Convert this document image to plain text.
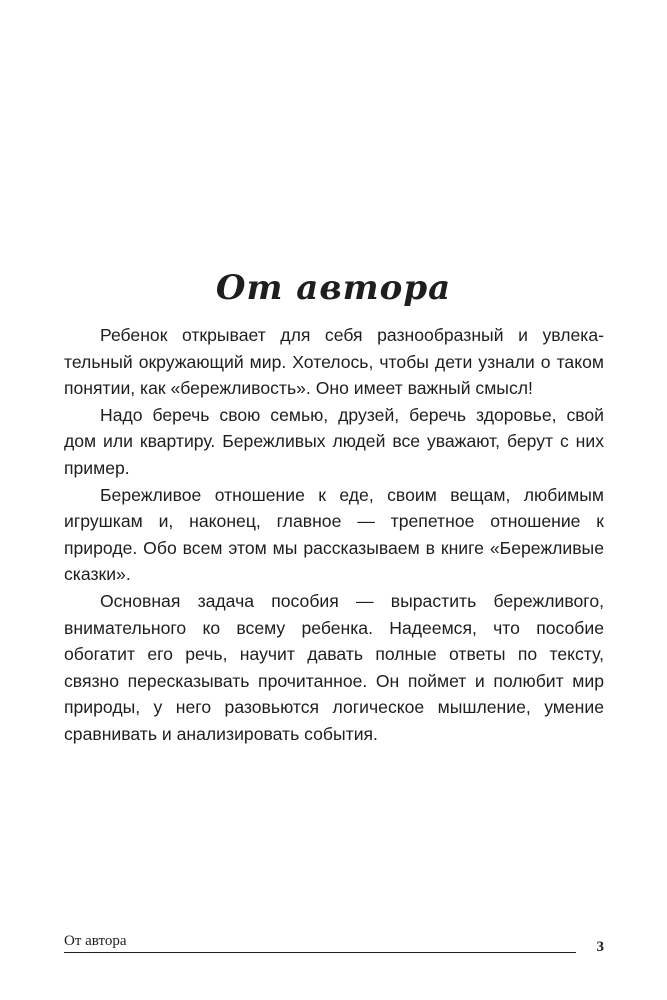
От автора

Ребенок открывает для себя разнообразный и увлекательный окружающий мир. Хотелось, чтобы дети узнали о таком понятии, как «бережливость». Оно имеет важный смысл!

Надо беречь свою семью, друзей, беречь здоровье, свой дом или квартиру. Бережливых людей все уважают, берут с них пример.

Бережливое отношение к еде, своим вещам, любимым игрушкам и, наконец, главное — трепетное отношение к природе. Обо всем этом мы рассказываем в книге «Бережливые сказки».

Основная задача пособия — вырастить бережливого, внимательного ко всему ребенка. Надеемся, что пособие обогатит его речь, научит давать полные ответы по тексту, связно пересказывать прочитанное. Он поймет и полюбит мир природы, у него разовьются логическое мышление, умение сравнивать и анализировать события.

От автора	3
